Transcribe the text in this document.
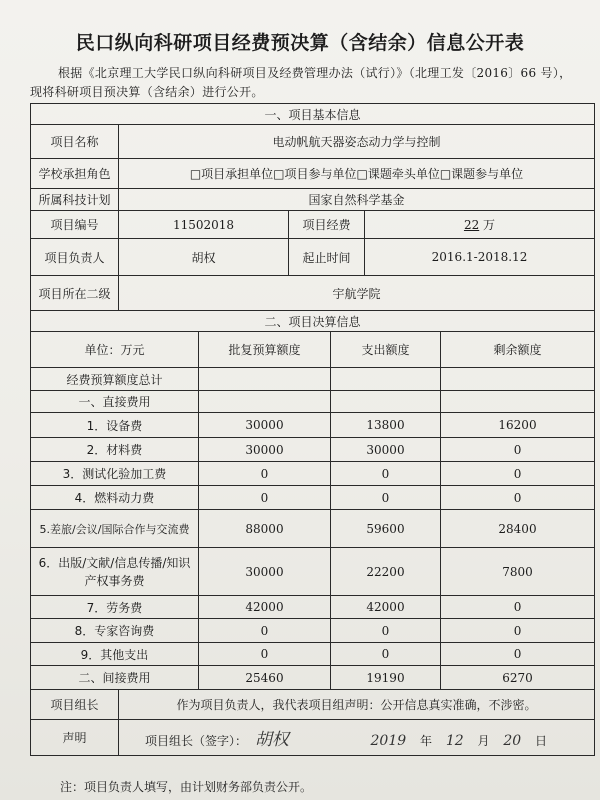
民口纵向科研项目经费预决算（含结余）信息公开表
根据《北京理工大学民口纵向科研项目及经费管理办法（试行）》（北理工发〔2016〕66 号），现将科研项目预决算（含结余）进行公开。
一、项目基本信息			
项目名称	电动帆航天器姿态动力学与控制		
学校承担角色	□项目承担单位□项目参与单位□课题牵头单位□课题参与单位		
所属科技计划	国家自然科学基金		
项目编号	11502018	项目经费	22 万
项目负责人	胡权	起止时间	2016.1-2018.12
项目所在二级	宇航学院		
二、项目决算信息			
单位：万元	批复预算额度	支出额度	剩余额度
经费预算额度总计			
一、直接费用			
1．设备费	30000	13800	16200
2．材料费	30000	30000	0
3．测试化验加工费	0	0	0
4．燃料动力费	0	0	0
5.差旅/会议/国际合作与交流费	88000	59600	28400
6．出版/文献/信息传播/知识产权事务费	30000	22200	7800
7．劳务费	42000	42000	0
8．专家咨询费	0	0	0
9．其他支出	0	0	0
二、间接费用	25460	19190	6270
项目组长	作为项目负责人，我代表项目组声明：公开信息真实准确，不涉密。
声明	项目组长（签字）： 胡权 2019 年 12 月 20 日
注：项目负责人填写，由计划财务部负责公开。
